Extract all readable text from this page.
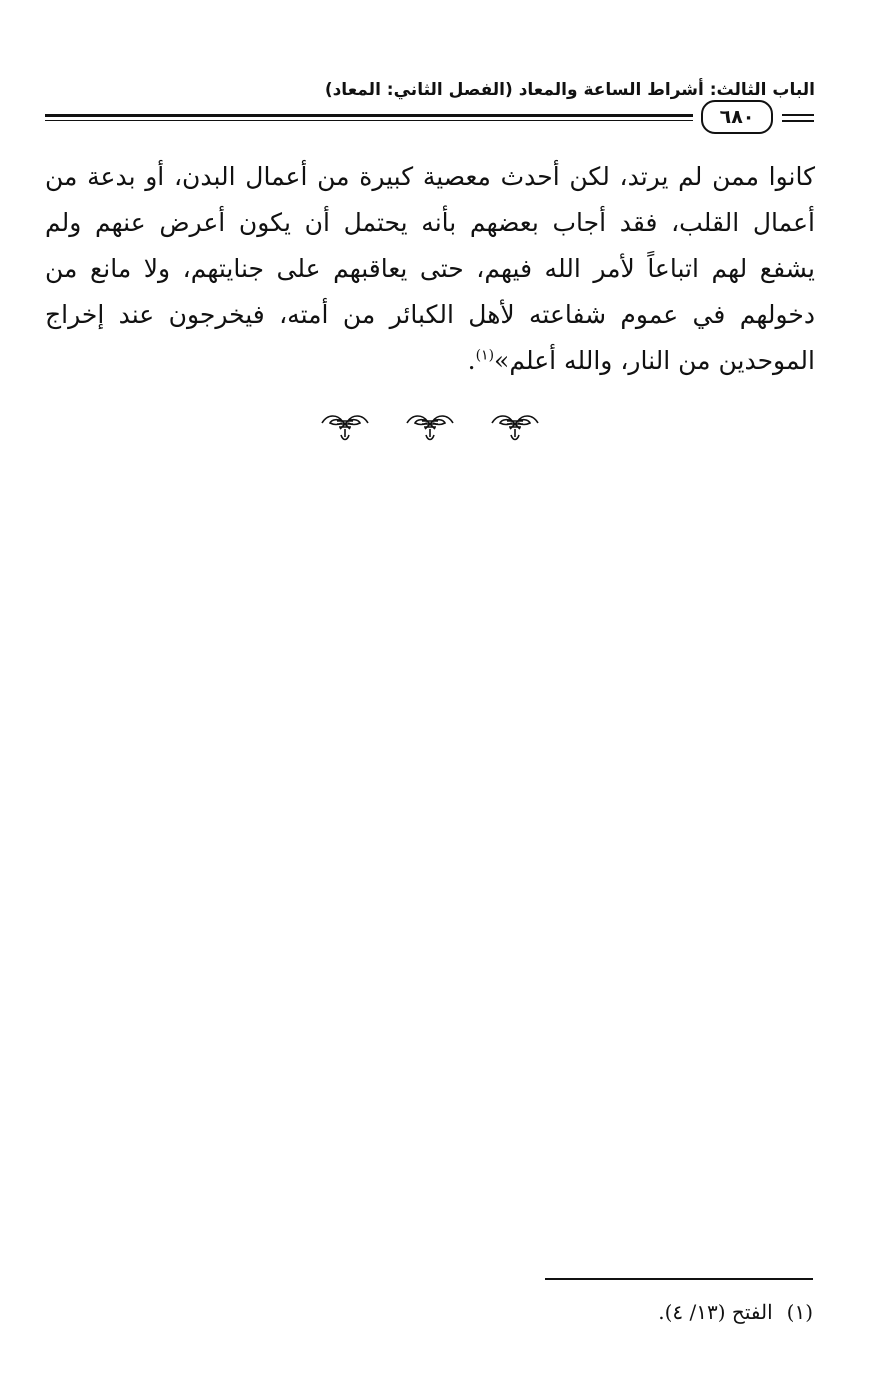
الباب الثالث: أشراط الساعة والمعاد (الفصل الثاني: المعاد)
٦٨٠
كانوا ممن لم يرتد، لكن أحدث معصية كبيرة من أعمال البدن، أو بدعة من
أعمال القلب، فقد أجاب بعضهم بأنه يحتمل أن يكون أعرض عنهم ولم
يشفع لهم اتباعاً لأمر الله فيهم، حتى يعاقبهم على جنايتهم، ولا مانع من
دخولهم في عموم شفاعته لأهل الكبائر من أمته، فيخرجون عند إخراج
الموحدين من النار، والله أعلم»$^{(١)}$.
(١)الفتح (١٣/ ٤).
